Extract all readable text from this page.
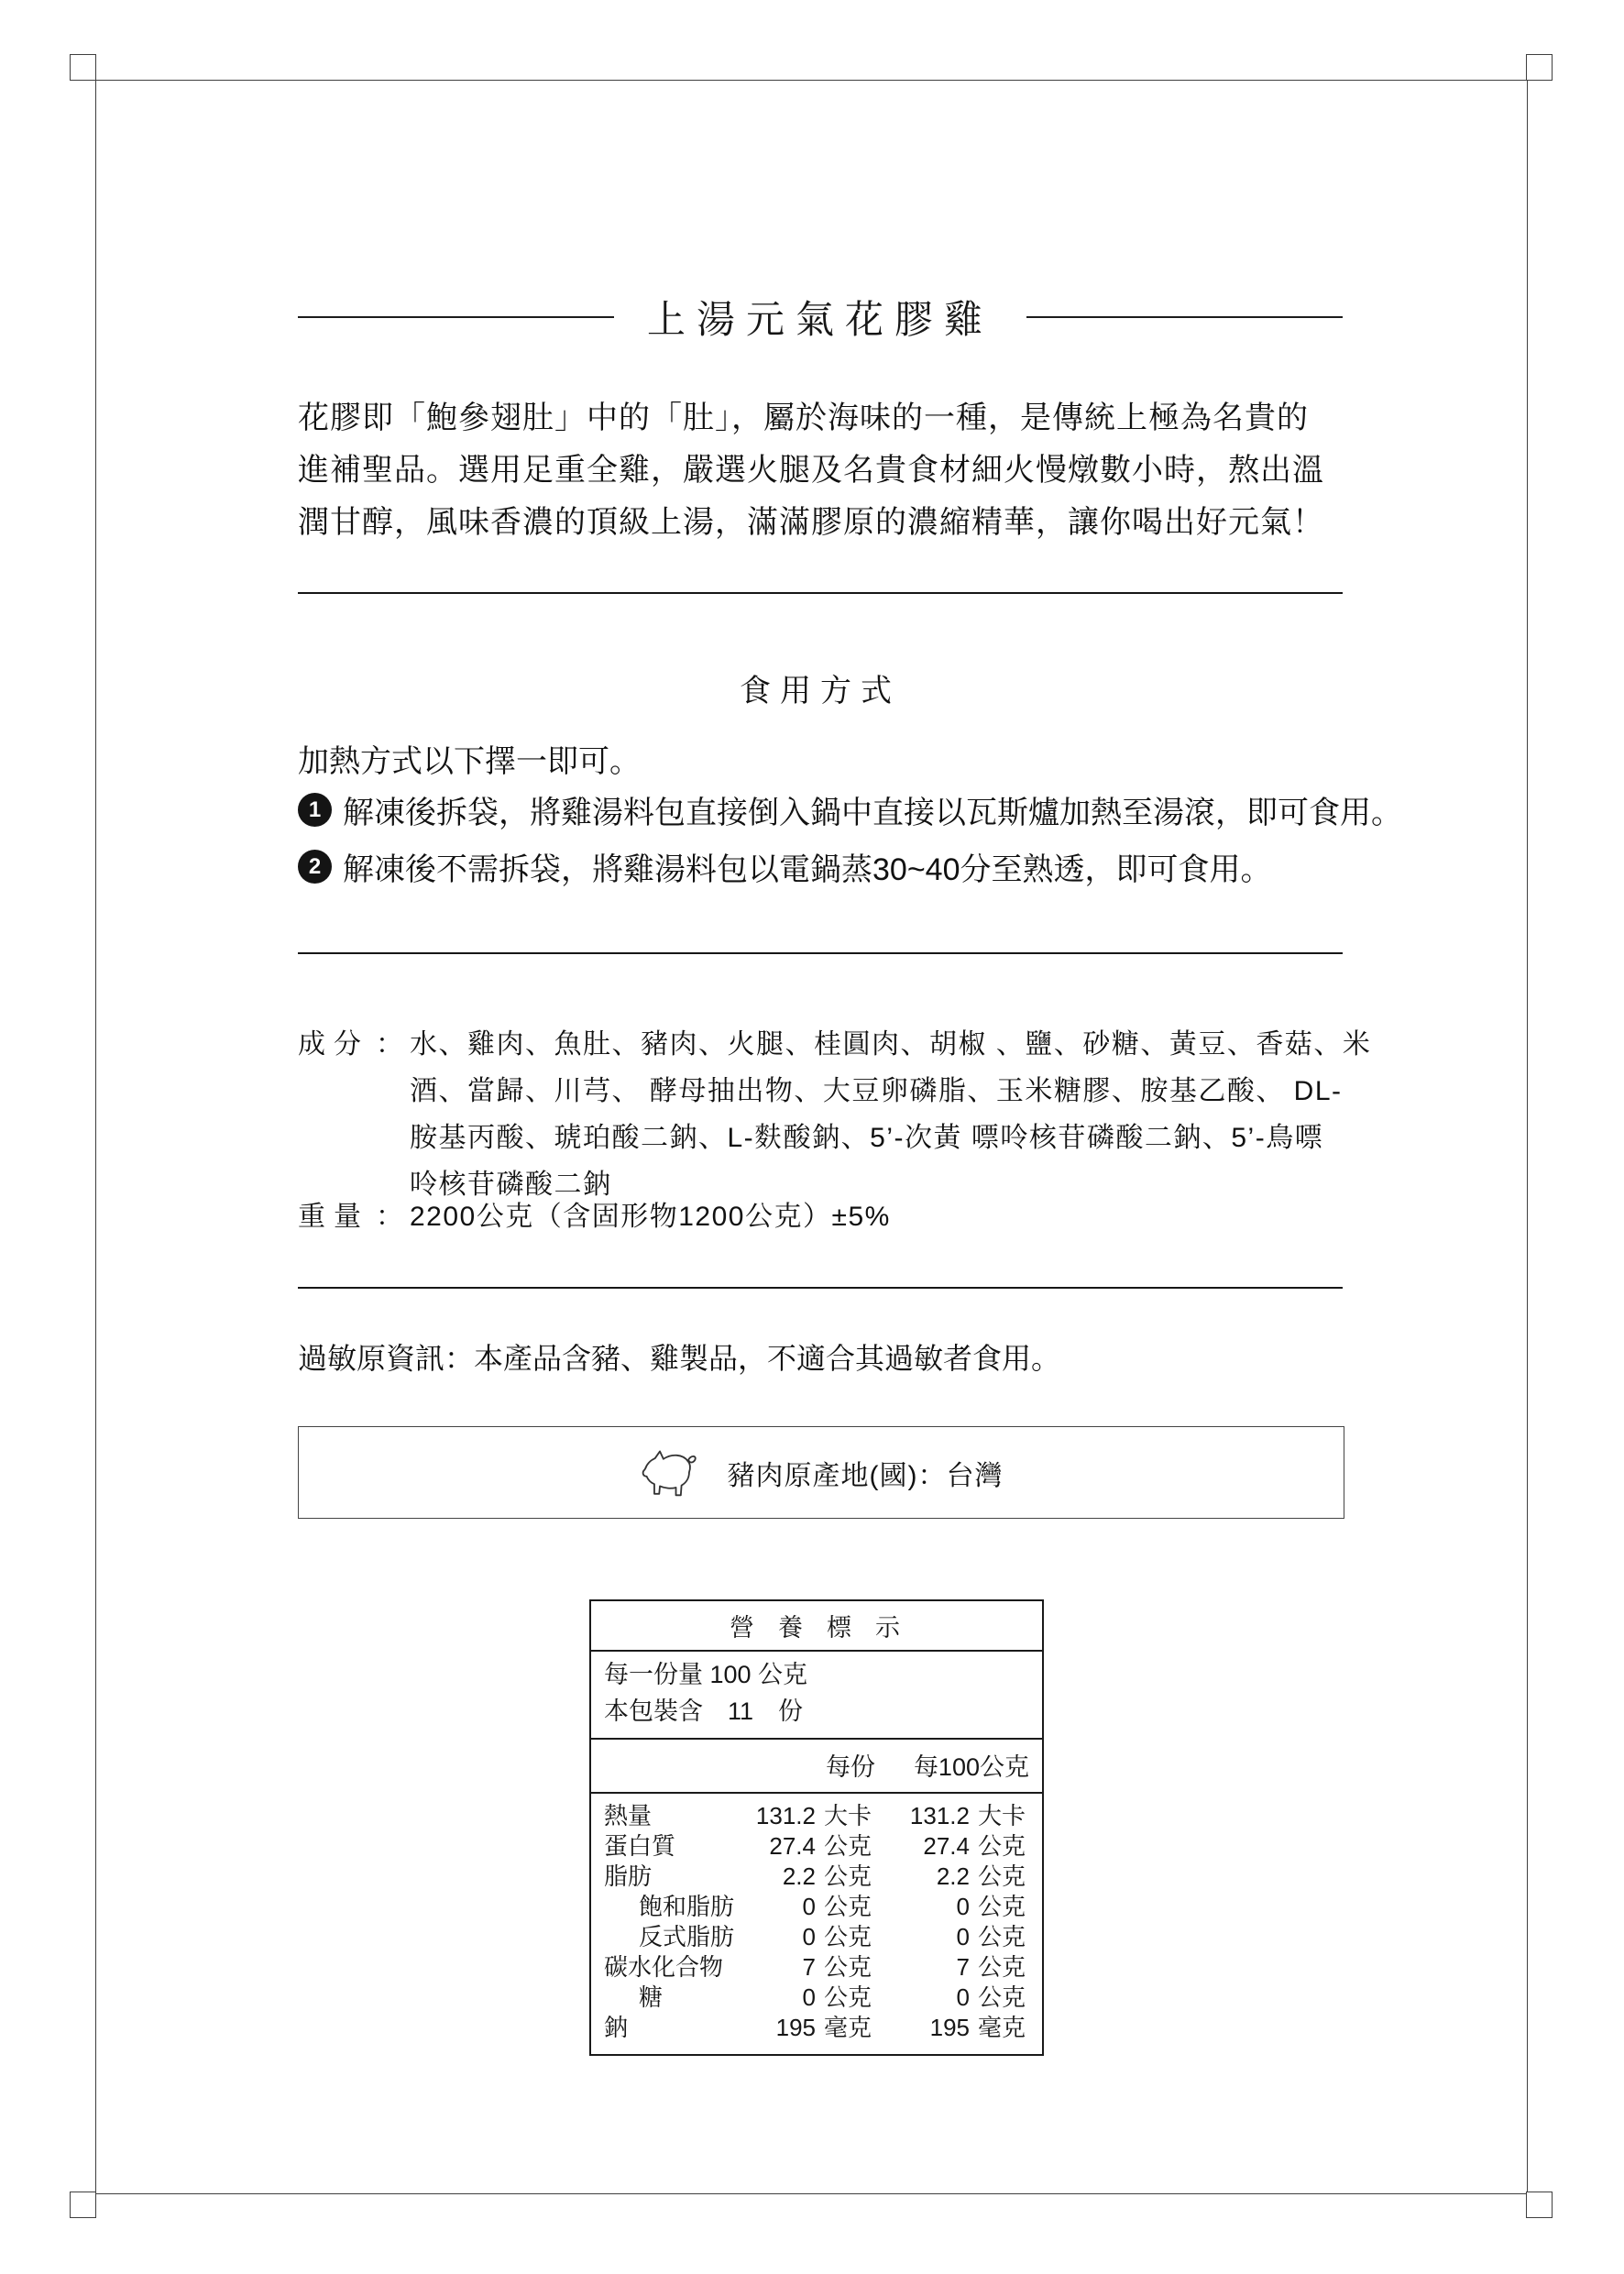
上湯元氣花膠雞
花膠即「鮑參翅肚」中的「肚」，屬於海味的一種，是傳統上極為名貴的
進補聖品。選用足重全雞，嚴選火腿及名貴食材細火慢燉數小時，熬出溫
潤甘醇，風味香濃的頂級上湯，滿滿膠原的濃縮精華，讓你喝出好元氣！
食用方式
加熱方式以下擇一即可。
1 解凍後拆袋，將雞湯料包直接倒入鍋中直接以瓦斯爐加熱至湯滾，即可食用。
2 解凍後不需拆袋，將雞湯料包以電鍋蒸30~40分至熟透，即可食用。
成分 ： 水、雞肉、魚肚、豬肉、火腿、桂圓肉、胡椒 、鹽、砂糖、黃豆、香菇、米
酒、當歸、川芎、 酵母抽出物、大豆卵磷脂、玉米糖膠、胺基乙酸、 DL-
胺基丙酸、琥珀酸二鈉、L-麩酸鈉、5’-次黃 嘌呤核苷磷酸二鈉、5’-鳥嘌
呤核苷磷酸二鈉
重量 ： 2200公克（含固形物1200公克）±5%
過敏原資訊：本產品含豬、雞製品，不適合其過敏者食用。
豬肉原產地(國)：台灣
營養標示
每一份量 100 公克
本包裝含　11　份
每份	每100公克
熱量	131.2 大卡	131.2 大卡
蛋白質	27.4 公克	27.4 公克
脂肪	2.2 公克	2.2 公克
飽和脂肪	0 公克	0 公克
反式脂肪	0 公克	0 公克
碳水化合物	7 公克	7 公克
糖	0 公克	0 公克
鈉	195 毫克	195 毫克
